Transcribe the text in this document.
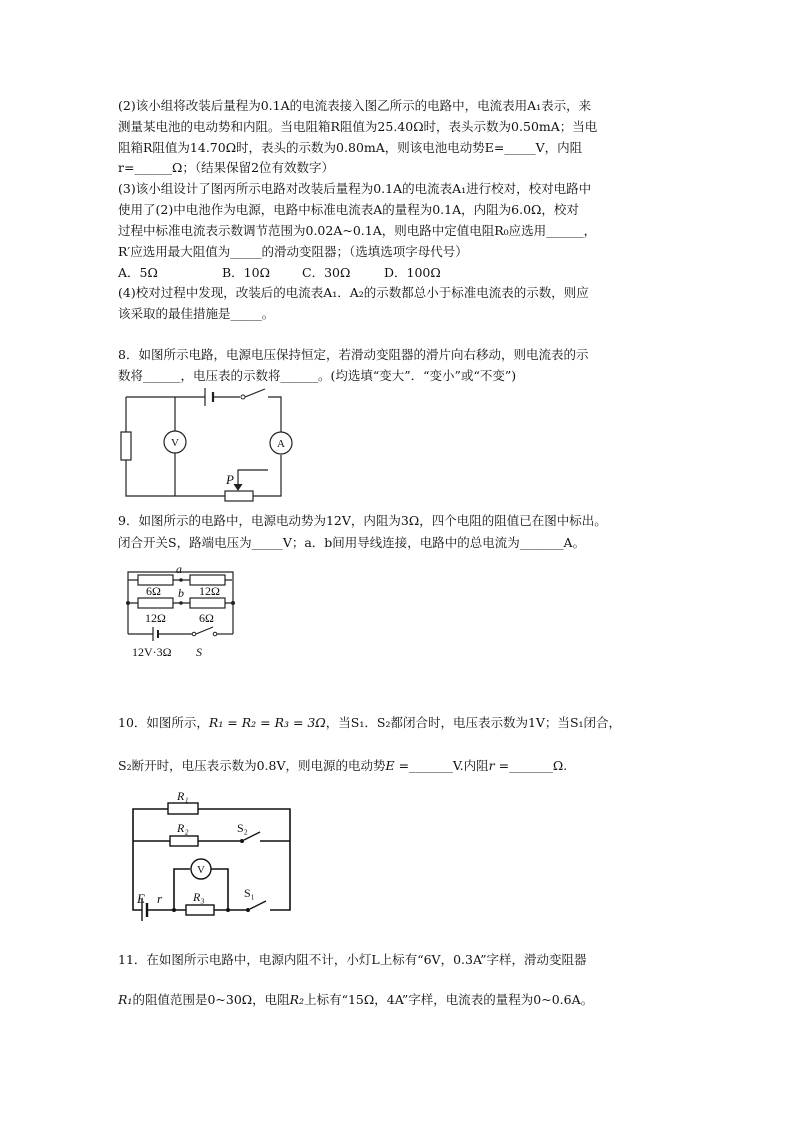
(2)该小组将改装后量程为0.1A的电流表接入图乙所示的电路中，电流表用A₁表示，来
测量某电池的电动势和内阻。当电阻箱R阻值为25.40Ω时，表头示数为0.50mA；当电
阻箱R阻值为14.70Ω时，表头的示数为0.80mA，则该电池电动势E=_____V，内阻
r=______Ω；（结果保留2位有效数字）
(3)该小组设计了图丙所示电路对改装后量程为0.1A的电流表A₁进行校对，校对电路中
使用了(2)中电池作为电源，电路中标准电流表A的量程为0.1A，内阻为6.0Ω，校对
过程中标准电流表示数调节范围为0.02A~0.1A，则电路中定值电阻R₀应选用______，
R′应选用最大阻值为_____的滑动变阻器；（选填选项字母代号）
A．5Ω	B．10Ω	C．30Ω	D．100Ω
(4)校对过程中发现，改装后的电流表A₁．A₂的示数都总小于标准电流表的示数，则应
该采取的最佳措施是_____。
8．如图所示电路，电源电压保持恒定，若滑动变阻器的滑片向右移动，则电流表的示
数将______，电压表的示数将______。(均选填“变大”．“变小”或“不变”)
V	A
P
9．如图所示的电路中，电源电动势为12V，内阻为3Ω，四个电阻的阻值已在图中标出。
闭合开关S，路端电压为_____V；a．b间用导线连接，电路中的总电流为_______A。
a
b
6Ω	12Ω
12Ω	6Ω
12V·3Ω S
10．如图所示，R₁ = R₂ = R₃ = 3Ω，当S₁．S₂都闭合时，电压表示数为1V；当S₁闭合，
S₂断开时，电压表示数为0.8V，则电源的电动势E =_______V.内阻r =_______Ω.
R₁
R₂	S₂
V
E r	R₃	S₁
11．在如图所示电路中，电源内阻不计，小灯L上标有“6V，0.3A”字样，滑动变阻器
R₁的阻值范围是0~30Ω，电阻R₂上标有“15Ω，4A”字样，电流表的量程为0~0.6A。
